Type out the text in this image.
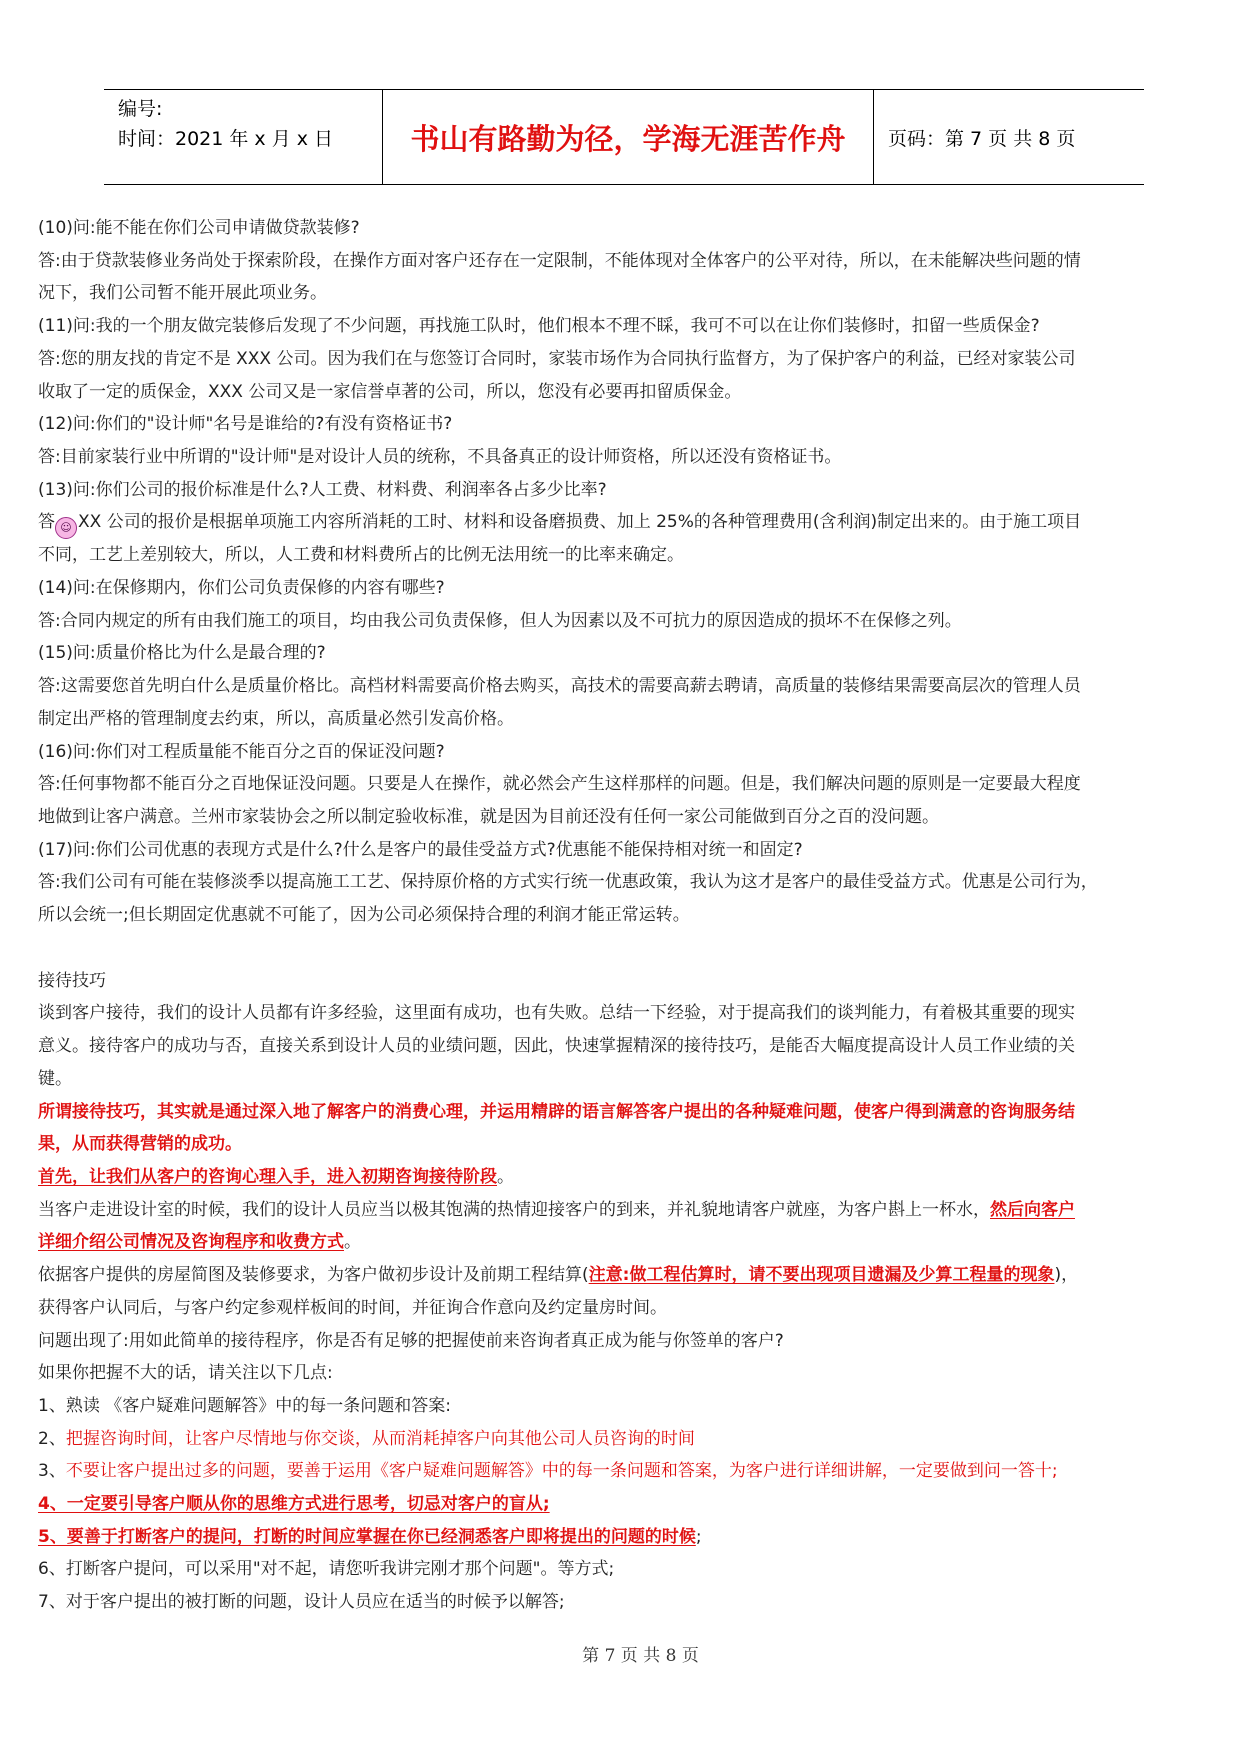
编号:
时间：2021 年 x 月 x 日	书山有路勤为径，学海无涯苦作舟	页码：第 7 页 共 8 页
(10)问:能不能在你们公司申请做贷款装修?
答:由于贷款装修业务尚处于探索阶段，在操作方面对客户还存在一定限制，不能体现对全体客户的公平对待，所以，在未能解决些问题的情
况下，我们公司暂不能开展此项业务。
(11)问:我的一个朋友做完装修后发现了不少问题，再找施工队时，他们根本不理不睬，我可不可以在让你们装修时，扣留一些质保金?
答:您的朋友找的肯定不是 XXX 公司。因为我们在与您签订合同时，家装市场作为合同执行监督方，为了保护客户的利益，已经对家装公司
收取了一定的质保金，XXX 公司又是一家信誉卓著的公司，所以，您没有必要再扣留质保金。
(12)问:你们的"设计师"名号是谁给的?有没有资格证书?
答:目前家装行业中所谓的"设计师"是对设计人员的统称，不具备真正的设计师资格，所以还没有资格证书。
(13)问:你们公司的报价标准是什么?人工费、材料费、利润率各占多少比率?
答 ☺ XX 公司的报价是根据单项施工内容所消耗的工时、材料和设备磨损费、加上 25%的各种管理费用(含利润)制定出来的。由于施工项目
不同，工艺上差别较大，所以，人工费和材料费所占的比例无法用统一的比率来确定。
(14)问:在保修期内，你们公司负责保修的内容有哪些?
答:合同内规定的所有由我们施工的项目，均由我公司负责保修，但人为因素以及不可抗力的原因造成的损坏不在保修之列。
(15)问:质量价格比为什么是最合理的?
答:这需要您首先明白什么是质量价格比。高档材料需要高价格去购买，高技术的需要高薪去聘请，高质量的装修结果需要高层次的管理人员
制定出严格的管理制度去约束，所以，高质量必然引发高价格。
(16)问:你们对工程质量能不能百分之百的保证没问题?
答:任何事物都不能百分之百地保证没问题。只要是人在操作，就必然会产生这样那样的问题。但是，我们解决问题的原则是一定要最大程度
地做到让客户满意。兰州市家装协会之所以制定验收标准，就是因为目前还没有任何一家公司能做到百分之百的没问题。
(17)问:你们公司优惠的表现方式是什么?什么是客户的最佳受益方式?优惠能不能保持相对统一和固定?
答:我们公司有可能在装修淡季以提高施工工艺、保持原价格的方式实行统一优惠政策，我认为这才是客户的最佳受益方式。优惠是公司行为，
所以会统一;但长期固定优惠就不可能了，因为公司必须保持合理的利润才能正常运转。
接待技巧
谈到客户接待，我们的设计人员都有许多经验，这里面有成功，也有失败。总结一下经验，对于提高我们的谈判能力，有着极其重要的现实
意义。接待客户的成功与否，直接关系到设计人员的业绩问题，因此，快速掌握精深的接待技巧，是能否大幅度提高设计人员工作业绩的关
键。
所谓接待技巧，其实就是通过深入地了解客户的消费心理，并运用精辟的语言解答客户提出的各种疑难问题，使客户得到满意的咨询服务结
果，从而获得营销的成功。
首先，让我们从客户的咨询心理入手，进入初期咨询接待阶段。
当客户走进设计室的时候，我们的设计人员应当以极其饱满的热情迎接客户的到来，并礼貌地请客户就座，为客户斟上一杯水，然后向客户
详细介绍公司情况及咨询程序和收费方式。
依据客户提供的房屋简图及装修要求，为客户做初步设计及前期工程结算(注意:做工程估算时，请不要出现项目遗漏及少算工程量的现象)，
获得客户认同后，与客户约定参观样板间的时间，并征询合作意向及约定量房时间。
问题出现了:用如此简单的接待程序，你是否有足够的把握使前来咨询者真正成为能与你签单的客户?
如果你把握不大的话，请关注以下几点:
1、熟读 《客户疑难问题解答》中的每一条问题和答案:
2、把握咨询时间，让客户尽情地与你交谈，从而消耗掉客户向其他公司人员咨询的时间
3、不要让客户提出过多的问题，要善于运用《客户疑难问题解答》中的每一条问题和答案，为客户进行详细讲解，一定要做到问一答十;
4、一定要引导客户顺从你的思维方式进行思考，切忌对客户的盲从;
5、要善于打断客户的提问，打断的时间应掌握在你已经洞悉客户即将提出的问题的时候;
6、打断客户提问，可以采用"对不起，请您听我讲完刚才那个问题"。等方式;
7、对于客户提出的被打断的问题，设计人员应在适当的时候予以解答;
第 7 页 共 8 页
